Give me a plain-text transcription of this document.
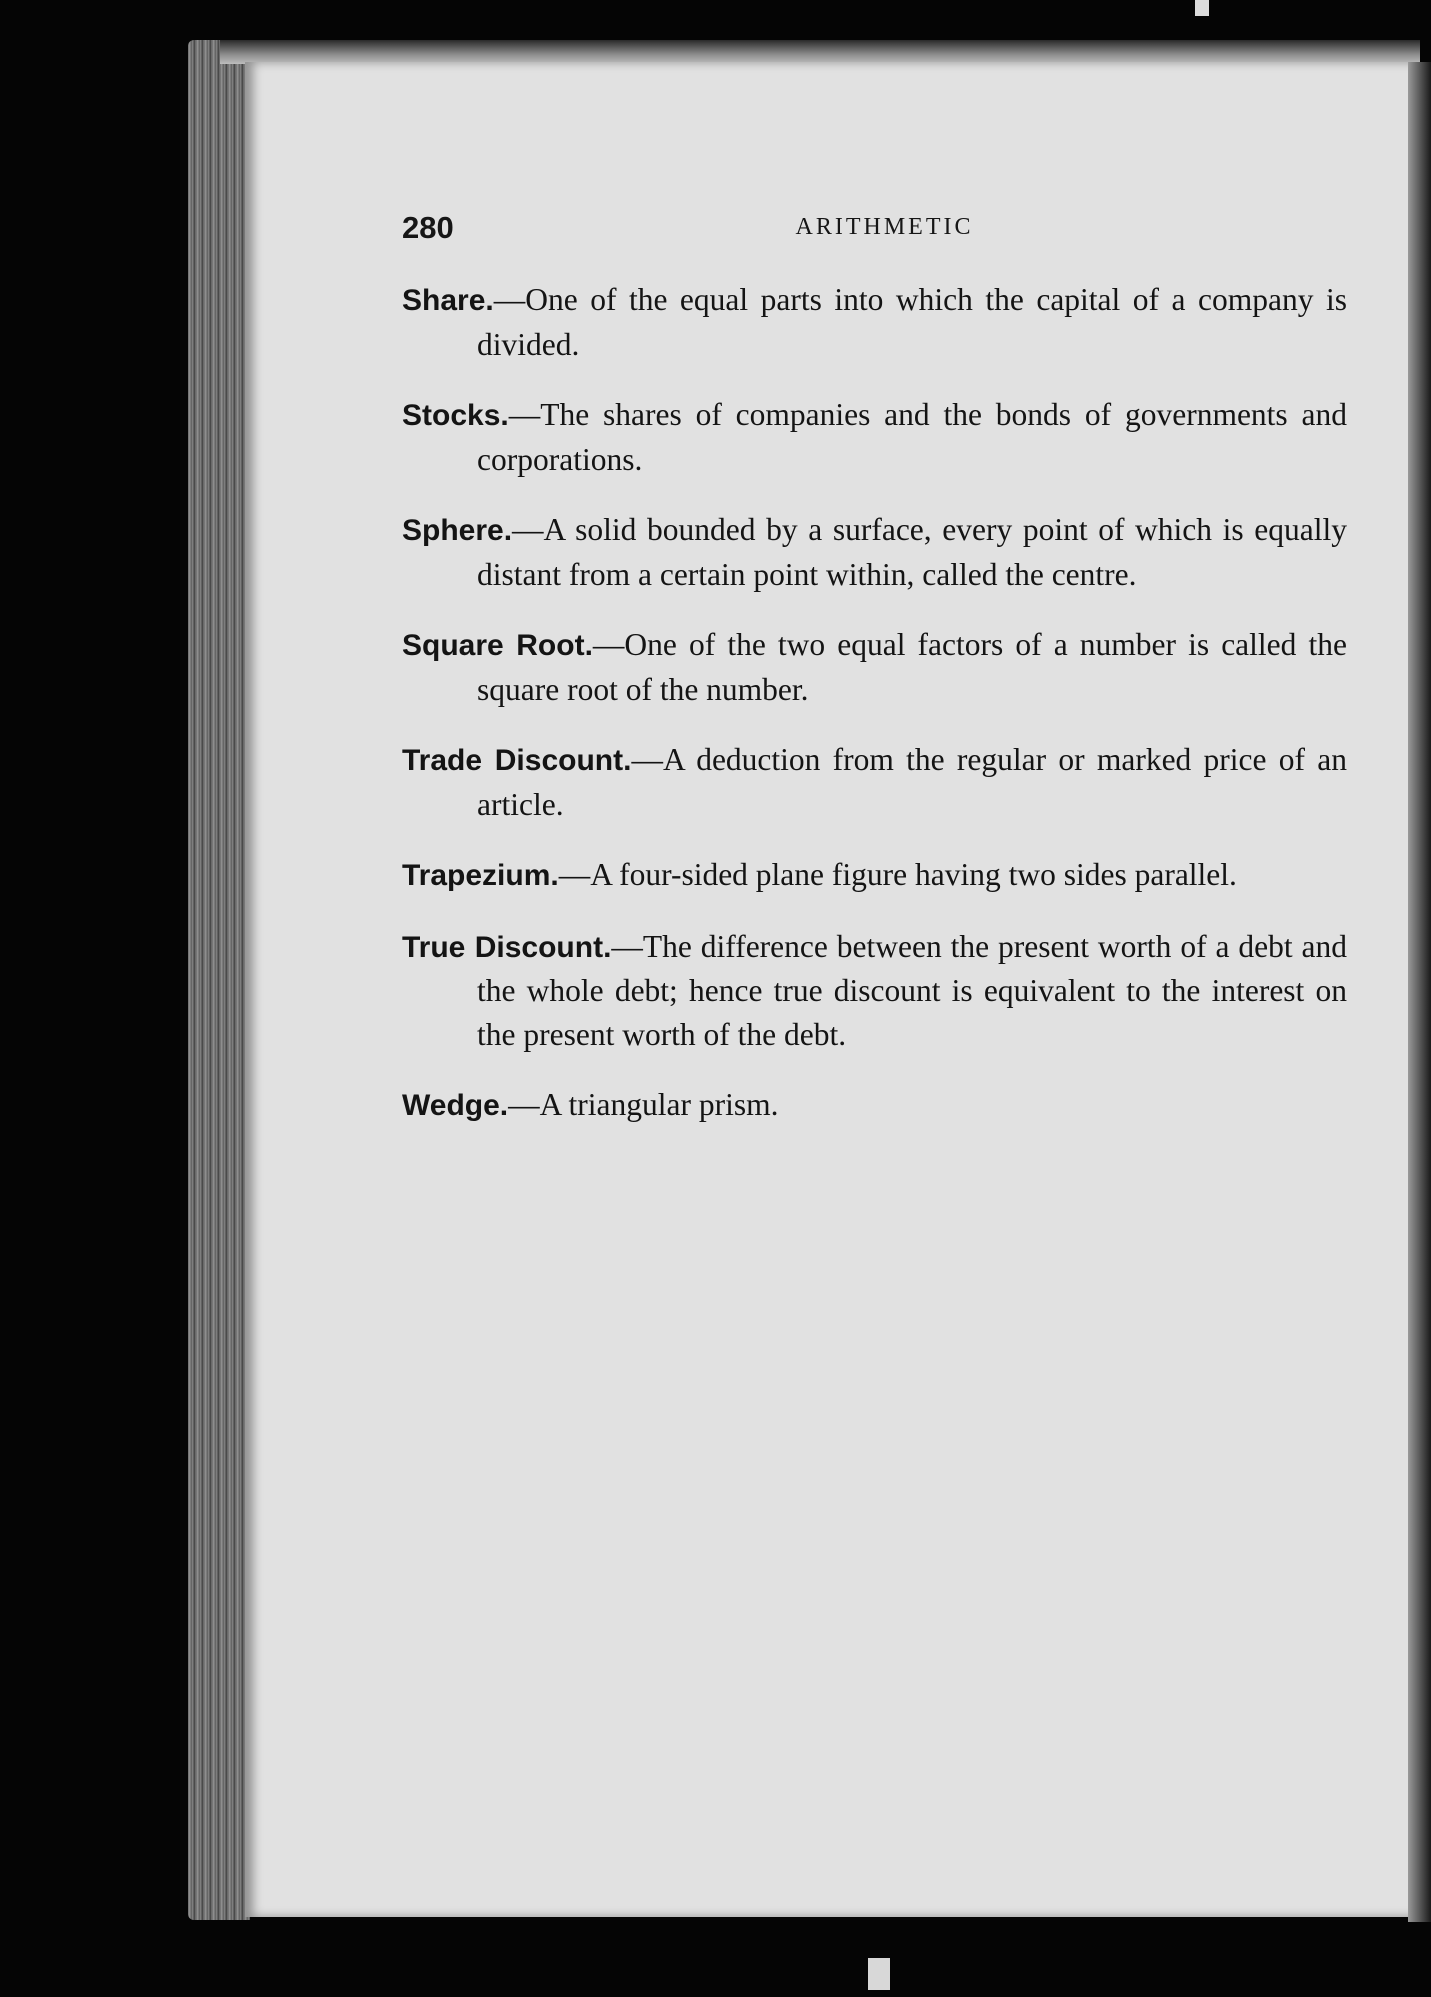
280	ARITHMETIC

Share.—One of the equal parts into which the capital of a company is divided.

Stocks.—The shares of companies and the bonds of governments and corporations.

Sphere.—A solid bounded by a surface, every point of which is equally distant from a certain point within, called the centre.

Square Root.—One of the two equal factors of a number is called the square root of the number.

Trade Discount.—A deduction from the regular or marked price of an article.

Trapezium.—A four-sided plane figure having two sides parallel.

True Discount.—The difference between the present worth of a debt and the whole debt; hence true discount is equivalent to the interest on the present worth of the debt.

Wedge.—A triangular prism.
